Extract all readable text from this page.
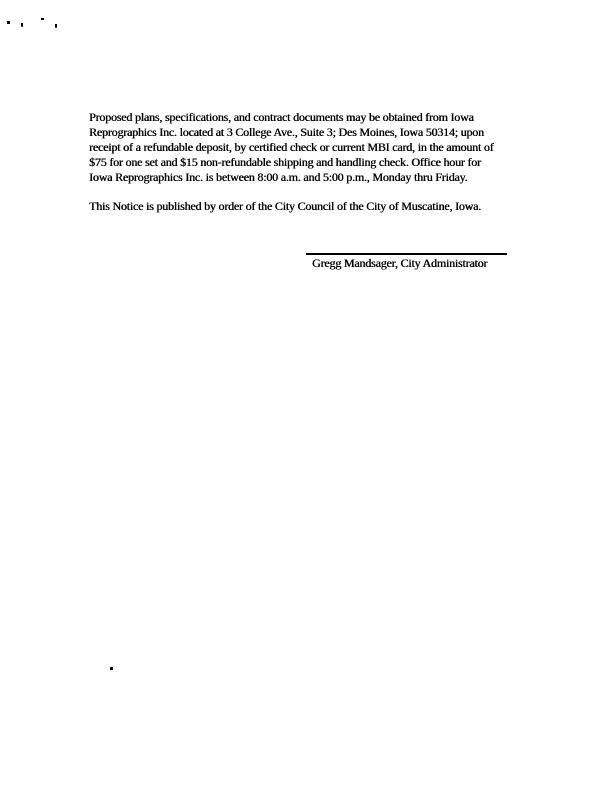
Proposed plans, specifications, and contract documents may be obtained from Iowa
Reprographics Inc. located at 3 College Ave., Suite 3; Des Moines, Iowa 50314; upon
receipt of a refundable deposit, by certified check or current MBI card, in the amount of
$75 for one set and $15 non-refundable shipping and handling check. Office hour for
Iowa Reprographics Inc. is between 8:00 a.m. and 5:00 p.m., Monday thru Friday.
This Notice is published by order of the City Council of the City of Muscatine, Iowa.
Gregg Mandsager, City Administrator
